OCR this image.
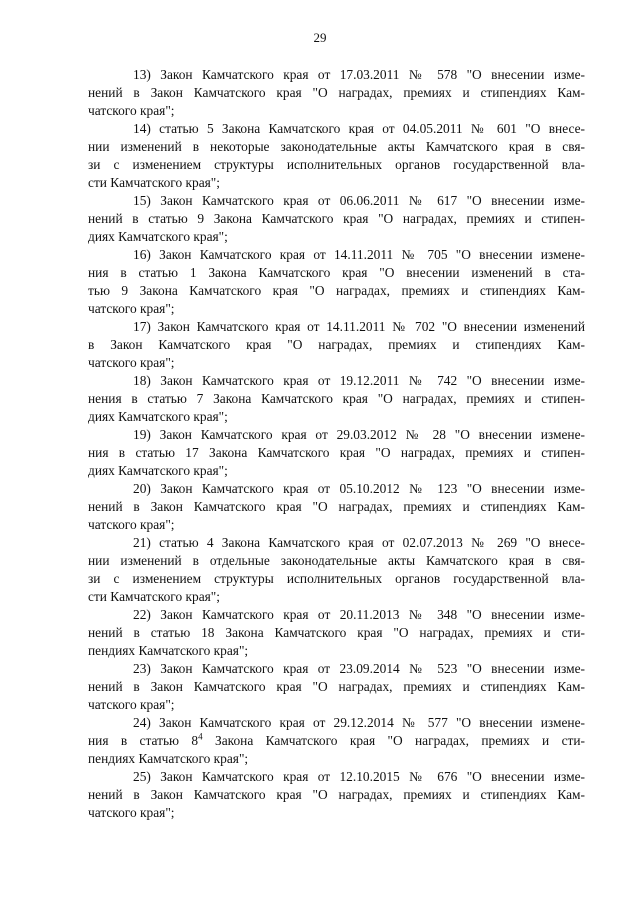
29

13) Закон Камчатского края от 17.03.2011 № 578 "О внесении изме-
нений в Закон Камчатского края "О наградах, премиях и стипендиях Кам-
чатского края";

14) статью 5 Закона Камчатского края от 04.05.2011 № 601 "О внесе-
нии изменений в некоторые законодательные акты Камчатского края в свя-
зи с изменением структуры исполнительных органов государственной вла-
сти Камчатского края";

15) Закон Камчатского края от 06.06.2011 № 617 "О внесении изме-
нений в статью 9 Закона Камчатского края "О наградах, премиях и стипен-
диях Камчатского края";

16) Закон Камчатского края от 14.11.2011 № 705 "О внесении измене-
ния в статью 1 Закона Камчатского края "О внесении изменений в ста-
тью 9 Закона Камчатского края "О наградах, премиях и стипендиях Кам-
чатского края";

17) Закон Камчатского края от 14.11.2011 № 702 "О внесении изменений
в Закон Камчатского края "О наградах, премиях и стипендиях Кам-
чатского края";

18) Закон Камчатского края от 19.12.2011 № 742 "О внесении изме-
нения в статью 7 Закона Камчатского края "О наградах, премиях и стипен-
диях Камчатского края";

19) Закон Камчатского края от 29.03.2012 № 28 "О внесении измене-
ния в статью 17 Закона Камчатского края "О наградах, премиях и стипен-
диях Камчатского края";

20) Закон Камчатского края от 05.10.2012 № 123 "О внесении изме-
нений в Закон Камчатского края "О наградах, премиях и стипендиях Кам-
чатского края";

21) статью 4 Закона Камчатского края от 02.07.2013 № 269 "О внесе-
нии изменений в отдельные законодательные акты Камчатского края в свя-
зи с изменением структуры исполнительных органов государственной вла-
сти Камчатского края";

22) Закон Камчатского края от 20.11.2013 № 348 "О внесении изме-
нений в статью 18 Закона Камчатского края "О наградах, премиях и сти-
пендиях Камчатского края";

23) Закон Камчатского края от 23.09.2014 № 523 "О внесении изме-
нений в Закон Камчатского края "О наградах, премиях и стипендиях Кам-
чатского края";

24) Закон Камчатского края от 29.12.2014 № 577 "О внесении измене-
ния в статью $8^4$ Закона Камчатского края "О наградах, премиях и сти-
пендиях Камчатского края";

25) Закон Камчатского края от 12.10.2015 № 676 "О внесении изме-
нений в Закон Камчатского края "О наградах, премиях и стипендиях Кам-
чатского края";
